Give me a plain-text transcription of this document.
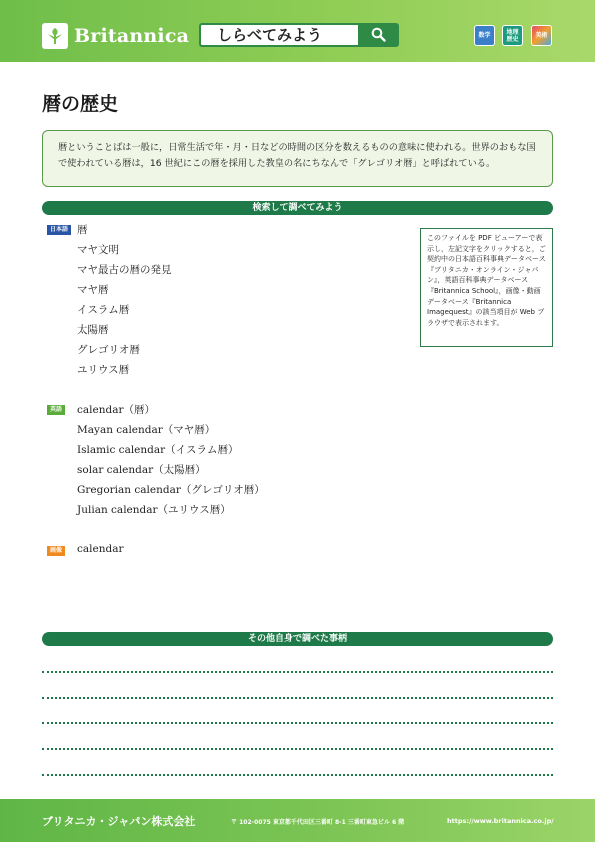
Britannica	しらべてみよう	数学	地理 歴史	美術
暦の歴史
暦ということばは一般に，日常生活で年・月・日などの時間の区分を数えるものの意味に使われる。世界のおもな国で使われている暦は，16 世紀にこの暦を採用した教皇の名にちなんで「グレゴリオ暦」と呼ばれている。
検索して調べてみよう
日本語 暦
マヤ文明
マヤ最古の暦の発見
マヤ暦
イスラム暦
太陽暦
グレゴリオ暦
ユリウス暦
英語 calendar（暦）
Mayan calendar（マヤ暦）
Islamic calendar（イスラム暦）
solar calendar（太陽暦）
Gregorian calendar（グレゴリオ暦）
Julian calendar（ユリウス暦）
画像 calendar
このファイルを PDF ビューアーで表示し，左記文字をクリックすると，ご契約中の日本語百科事典データベース『ブリタニカ・オンライン・ジャパン』，英語百科事典データベース『Britannica School』，画像・動画データベース『Britannica Imagequest』の該当項目が Web ブラウザで表示されます。
その他自身で調べた事柄
ブリタニカ・ジャパン株式会社	〒 102-0075 東京都千代田区三番町 8-1 三番町東急ビル 6 階	https://www.britannica.co.jp/
